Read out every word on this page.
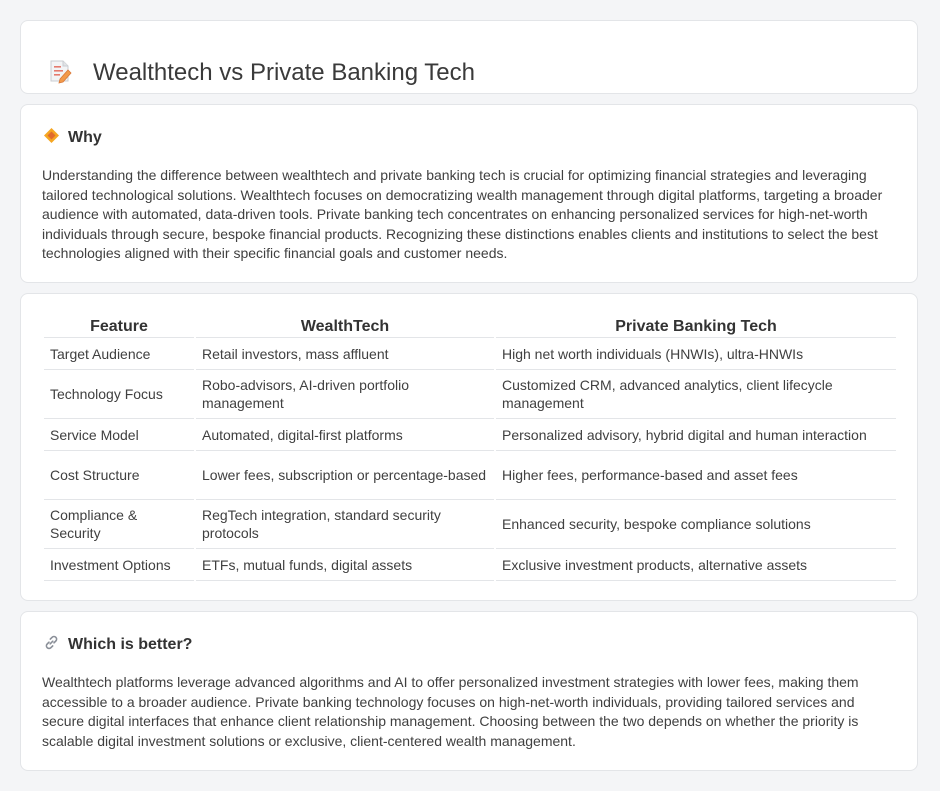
Wealthtech vs Private Banking Tech
Why
Understanding the difference between wealthtech and private banking tech is crucial for optimizing financial strategies and leveraging tailored technological solutions. Wealthtech focuses on democratizing wealth management through digital platforms, targeting a broader audience with automated, data-driven tools. Private banking tech concentrates on enhancing personalized services for high-net-worth individuals through secure, bespoke financial products. Recognizing these distinctions enables clients and institutions to select the best technologies aligned with their specific financial goals and customer needs.
Feature	WealthTech	Private Banking Tech
Target Audience	Retail investors, mass affluent	High net worth individuals (HNWIs), ultra-HNWIs
Technology Focus	Robo-advisors, AI-driven portfolio management	Customized CRM, advanced analytics, client lifecycle management
Service Model	Automated, digital-first platforms	Personalized advisory, hybrid digital and human interaction
Cost Structure	Lower fees, subscription or percentage-based	Higher fees, performance-based and asset fees
Compliance & Security	RegTech integration, standard security protocols	Enhanced security, bespoke compliance solutions
Investment Options	ETFs, mutual funds, digital assets	Exclusive investment products, alternative assets
Which is better?
Wealthtech platforms leverage advanced algorithms and AI to offer personalized investment strategies with lower fees, making them accessible to a broader audience. Private banking technology focuses on high-net-worth individuals, providing tailored services and secure digital interfaces that enhance client relationship management. Choosing between the two depends on whether the priority is scalable digital investment solutions or exclusive, client-centered wealth management.
